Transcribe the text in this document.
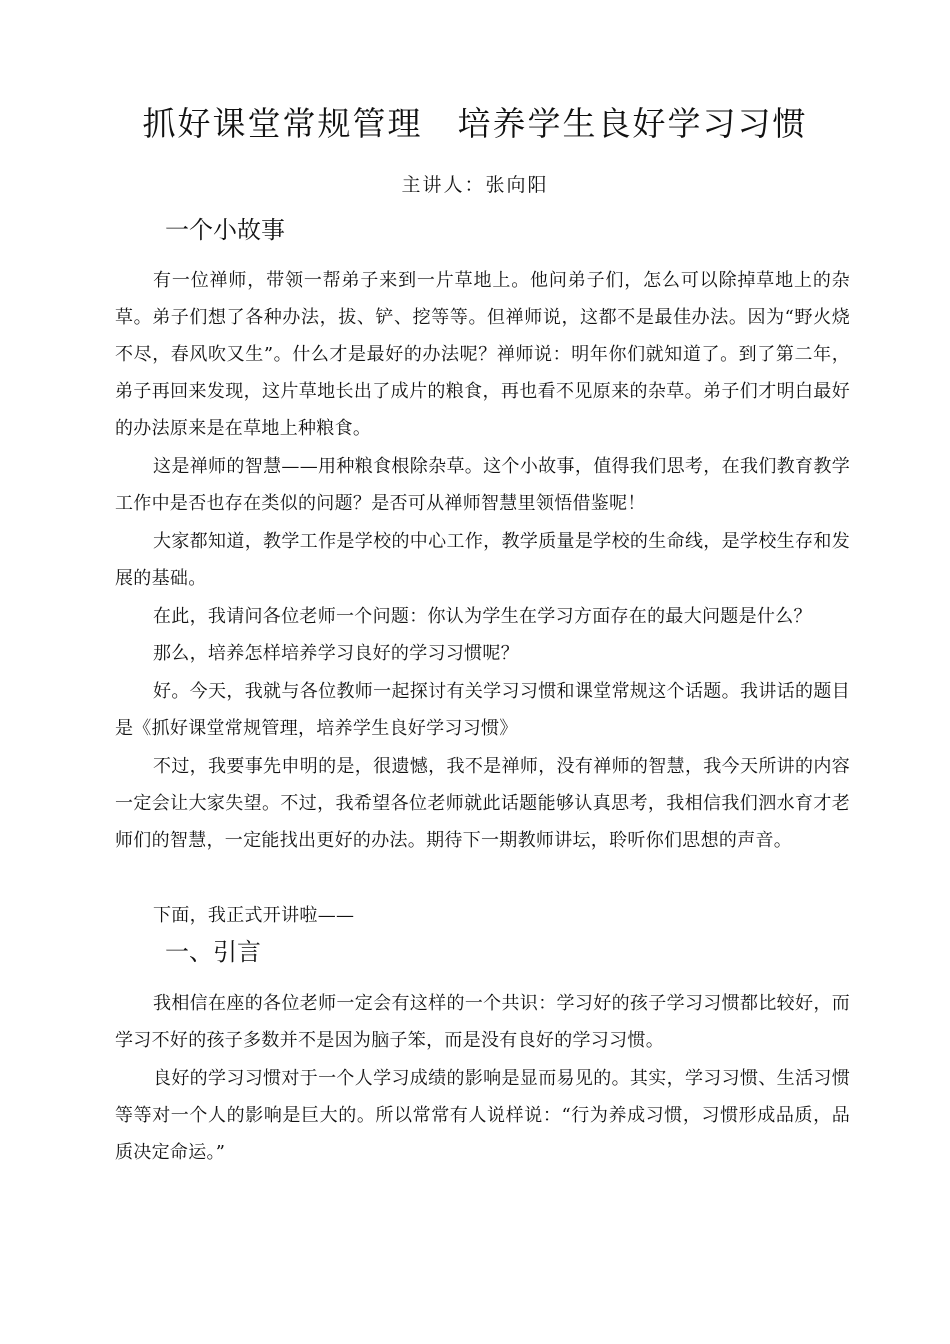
抓好课堂常规管理　培养学生良好学习习惯
主讲人：张向阳
一个小故事
有一位禅师，带领一帮弟子来到一片草地上。他问弟子们，怎么可以除掉草地上的杂草。弟子们想了各种办法，拔、铲、挖等等。但禅师说，这都不是最佳办法。因为“野火烧不尽，春风吹又生”。什么才是最好的办法呢？禅师说：明年你们就知道了。到了第二年，弟子再回来发现，这片草地长出了成片的粮食，再也看不见原来的杂草。弟子们才明白最好的办法原来是在草地上种粮食。
这是禅师的智慧——用种粮食根除杂草。这个小故事，值得我们思考，在我们教育教学工作中是否也存在类似的问题？是否可从禅师智慧里领悟借鉴呢！
大家都知道，教学工作是学校的中心工作，教学质量是学校的生命线，是学校生存和发展的基础。
在此，我请问各位老师一个问题：你认为学生在学习方面存在的最大问题是什么？
那么，培养怎样培养学习良好的学习习惯呢？
好。今天，我就与各位教师一起探讨有关学习习惯和课堂常规这个话题。我讲话的题目是《抓好课堂常规管理，培养学生良好学习习惯》
不过，我要事先申明的是，很遗憾，我不是禅师，没有禅师的智慧，我今天所讲的内容一定会让大家失望。不过，我希望各位老师就此话题能够认真思考，我相信我们泗水育才老师们的智慧，一定能找出更好的办法。期待下一期教师讲坛，聆听你们思想的声音。
下面，我正式开讲啦——
一、引言
我相信在座的各位老师一定会有这样的一个共识：学习好的孩子学习习惯都比较好，而学习不好的孩子多数并不是因为脑子笨，而是没有良好的学习习惯。
良好的学习习惯对于一个人学习成绩的影响是显而易见的。其实，学习习惯、生活习惯等等对一个人的影响是巨大的。所以常常有人说样说：“行为养成习惯，习惯形成品质，品质决定命运。”
